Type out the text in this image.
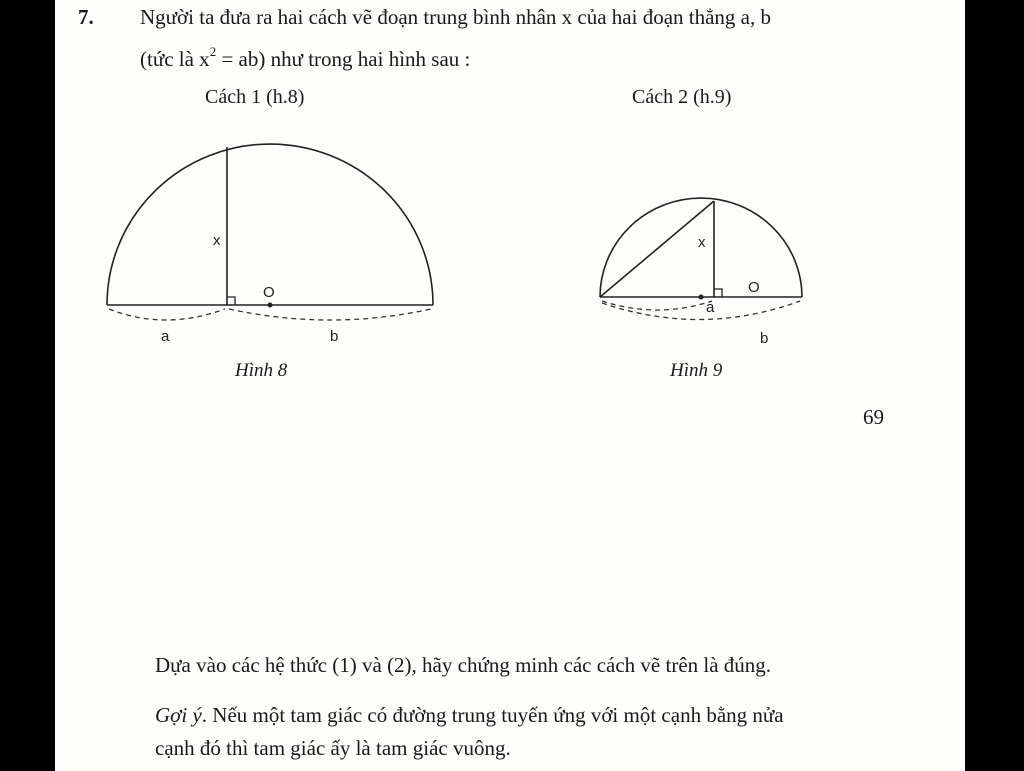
7. Người ta đưa ra hai cách vẽ đoạn trung bình nhân x của hai đoạn thẳng a, b
(tức là $x^2 = ab$) như trong hai hình sau :
Cách 1 (h.8)	Cách 2 (h.9)
x
O
a	b
Hình 8
x
O
a
b
Hình 9
69
Dựa vào các hệ thức (1) và (2), hãy chứng minh các cách vẽ trên là đúng.
Gợi ý. Nếu một tam giác có đường trung tuyến ứng với một cạnh bằng nửa
cạnh đó thì tam giác ấy là tam giác vuông.
